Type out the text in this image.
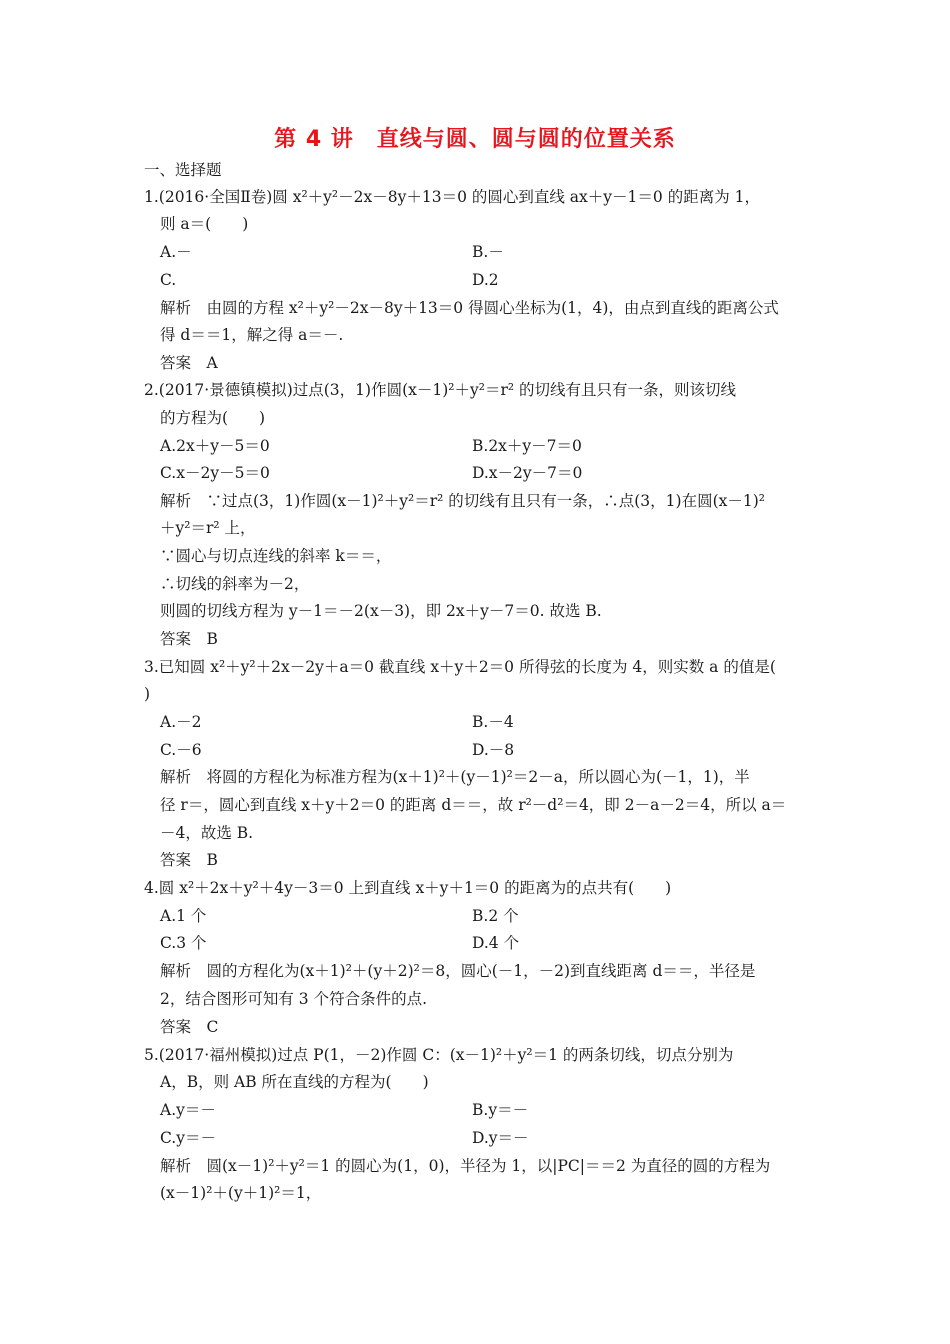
第 4 讲　直线与圆、圆与圆的位置关系
一、选择题
1.(2016·全国Ⅱ卷)圆 x²＋y²－2x－8y＋13＝0 的圆心到直线 ax＋y－1＝0 的距离为 1，
则 a＝(　　)
A.－	B.－
C.	D.2
解析　由圆的方程 x²＋y²－2x－8y＋13＝0 得圆心坐标为(1，4)，由点到直线的距离公式
得 d＝＝1，解之得 a＝－.
答案　A
2.(2017·景德镇模拟)过点(3，1)作圆(x－1)²＋y²＝r² 的切线有且只有一条，则该切线
的方程为(　　)
A.2x＋y－5＝0	B.2x＋y－7＝0
C.x－2y－5＝0	D.x－2y－7＝0
解析　∵过点(3，1)作圆(x－1)²＋y²＝r² 的切线有且只有一条，∴点(3，1)在圆(x－1)²
＋y²＝r² 上，
∵圆心与切点连线的斜率 k＝＝，
∴切线的斜率为－2，
则圆的切线方程为 y－1＝－2(x－3)，即 2x＋y－7＝0. 故选 B.
答案　B
3.已知圆 x²＋y²＋2x－2y＋a＝0 截直线 x＋y＋2＝0 所得弦的长度为 4，则实数 a 的值是(
)
A.－2	B.－4
C.－6	D.－8
解析　将圆的方程化为标准方程为(x＋1)²＋(y－1)²＝2－a，所以圆心为(－1，1)，半
径 r＝，圆心到直线 x＋y＋2＝0 的距离 d＝＝，故 r²－d²＝4，即 2－a－2＝4，所以 a＝
－4，故选 B.
答案　B
4.圆 x²＋2x＋y²＋4y－3＝0 上到直线 x＋y＋1＝0 的距离为的点共有(　　)
A.1 个	B.2 个
C.3 个	D.4 个
解析　圆的方程化为(x＋1)²＋(y＋2)²＝8，圆心(－1，－2)到直线距离 d＝＝，半径是
2，结合图形可知有 3 个符合条件的点.
答案　C
5.(2017·福州模拟)过点 P(1，－2)作圆 C：(x－1)²＋y²＝1 的两条切线，切点分别为
A，B，则 AB 所在直线的方程为(　　)
A.y＝－	B.y＝－
C.y＝－	D.y＝－
解析　圆(x－1)²＋y²＝1 的圆心为(1，0)，半径为 1，以|PC|＝＝2 为直径的圆的方程为
(x－1)²＋(y＋1)²＝1，
